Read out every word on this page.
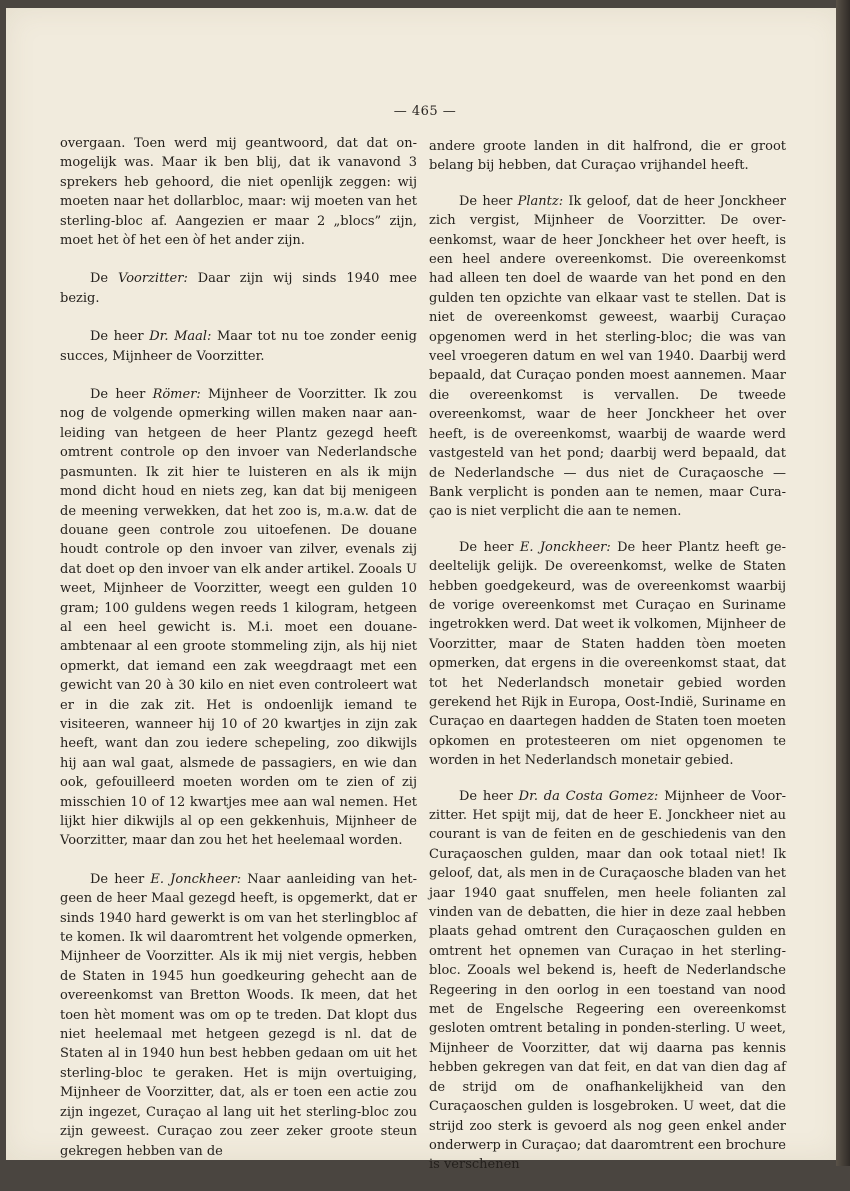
— 465 —

overgaan. Toen werd mij geantwoord, dat dat onmogelijk was. Maar ik ben blij, dat ik vanavond 3 sprekers heb gehoord, die niet openlijk zeggen: wij moeten naar het dollarbloc, maar: wij moeten van het sterling-bloc af. Aangezien er maar 2 „blocs” zijn, moet het òf het een òf het ander zijn.

De Voorzitter: Daar zijn wij sinds 1940 mee bezig.

De heer Dr. Maal: Maar tot nu toe zonder eenig succes, Mijnheer de Voorzitter.

De heer Römer: Mijnheer de Voorzitter. Ik zou nog de volgende opmerking willen maken naar aanleiding van hetgeen de heer Plantz gezegd heeft omtrent controle op den invoer van Nederlandsche pasmunten. Ik zit hier te luisteren en als ik mijn mond dicht houd en niets zeg, kan dat bij menigeen de meening verwekken, dat het zoo is, m.a.w. dat de douane geen controle zou uitoefenen. De douane houdt controle op den invoer van zilver, evenals zij dat doet op den invoer van elk ander artikel. Zooals U weet, Mijnheer de Voorzitter, weegt een gulden 10 gram; 100 guldens wegen reeds 1 kilogram, hetgeen al een heel gewicht is. M.i. moet een douaneambtenaar al een groote stommeling zijn, als hij niet opmerkt, dat iemand een zak weegdraagt met een gewicht van 20 à 30 kilo en niet even controleert wat er in die zak zit. Het is ondoenlijk iemand te visiteeren, wanneer hij 10 of 20 kwartjes in zijn zak heeft, want dan zou iedere schepeling, zoo dikwijls hij aan wal gaat, alsmede de passagiers, en wie dan ook, gefouilleerd moeten worden om te zien of zij misschien 10 of 12 kwartjes mee aan wal nemen. Het lijkt hier dikwijls al op een gekkenhuis, Mijnheer de Voorzitter, maar dan zou het het heelemaal worden.

De heer E. Jonckheer: Naar aanleiding van hetgeen de heer Maal gezegd heeft, is opgemerkt, dat er sinds 1940 hard gewerkt is om van het sterlingbloc af te komen. Ik wil daaromtrent het volgende opmerken, Mijnheer de Voorzitter. Als ik mij niet vergis, hebben de Staten in 1945 hun goedkeuring gehecht aan de overeenkomst van Bretton Woods. Ik meen, dat het toen hèt moment was om op te treden. Dat klopt dus niet heelemaal met hetgeen gezegd is nl. dat de Staten al in 1940 hun best hebben gedaan om uit het sterling-bloc te geraken. Het is mijn overtuiging, Mijnheer de Voorzitter, dat, als er toen een actie zou zijn ingezet, Curaçao al lang uit het sterling-bloc zou zijn geweest. Curaçao zou zeer zeker groote steun gekregen hebben van de

andere groote landen in dit halfrond, die er groot belang bij hebben, dat Curaçao vrijhandel heeft.

De heer Plantz: Ik geloof, dat de heer Jonckheer zich vergist, Mijnheer de Voorzitter. De overeenkomst, waar de heer Jonckheer het over heeft, is een heel andere overeenkomst. Die overeenkomst had alleen ten doel de waarde van het pond en den gulden ten opzichte van elkaar vast te stellen. Dat is niet de overeenkomst geweest, waarbij Curaçao opgenomen werd in het sterling-bloc; die was van veel vroegeren datum en wel van 1940. Daarbij werd bepaald, dat Curaçao ponden moest aannemen. Maar die overeenkomst is vervallen. De tweede overeenkomst, waar de heer Jonckheer het over heeft, is de overeenkomst, waarbij de waarde werd vastgesteld van het pond; daarbij werd bepaald, dat de Nederlandsche — dus niet de Curaçaosche — Bank verplicht is ponden aan te nemen, maar Curaçao is niet verplicht die aan te nemen.

De heer E. Jonckheer: De heer Plantz heeft gedeeltelijk gelijk. De overeenkomst, welke de Staten hebben goedgekeurd, was de overeenkomst waarbij de vorige overeenkomst met Curaçao en Suriname ingetrokken werd. Dat weet ik volkomen, Mijnheer de Voorzitter, maar de Staten hadden tòen moeten opmerken, dat ergens in die overeenkomst staat, dat tot het Nederlandsch monetair gebied worden gerekend het Rijk in Europa, Oost-Indië, Suriname en Curaçao en daartegen hadden de Staten toen moeten opkomen en protesteeren om niet opgenomen te worden in het Nederlandsch monetair gebied.

De heer Dr. da Costa Gomez: Mijnheer de Voorzitter. Het spijt mij, dat de heer E. Jonckheer niet au courant is van de feiten en de geschiedenis van den Curaçaoschen gulden, maar dan ook totaal niet! Ik geloof, dat, als men in de Curaçaosche bladen van het jaar 1940 gaat snuffelen, men heele folianten zal vinden van de debatten, die hier in deze zaal hebben plaats gehad omtrent den Curaçaoschen gulden en omtrent het opnemen van Curaçao in het sterling-bloc. Zooals wel bekend is, heeft de Nederlandsche Regeering in den oorlog in een toestand van nood met de Engelsche Regeering een overeenkomst gesloten omtrent betaling in ponden-sterling. U weet, Mijnheer de Voorzitter, dat wij daarna pas kennis hebben gekregen van dat feit, en dat van dien dag af de strijd om de onafhankelijkheid van den Curaçaoschen gulden is losgebroken. U weet, dat die strijd zoo sterk is gevoerd als nog geen enkel ander onderwerp in Curaçao; dat daaromtrent een brochure is verschenen
